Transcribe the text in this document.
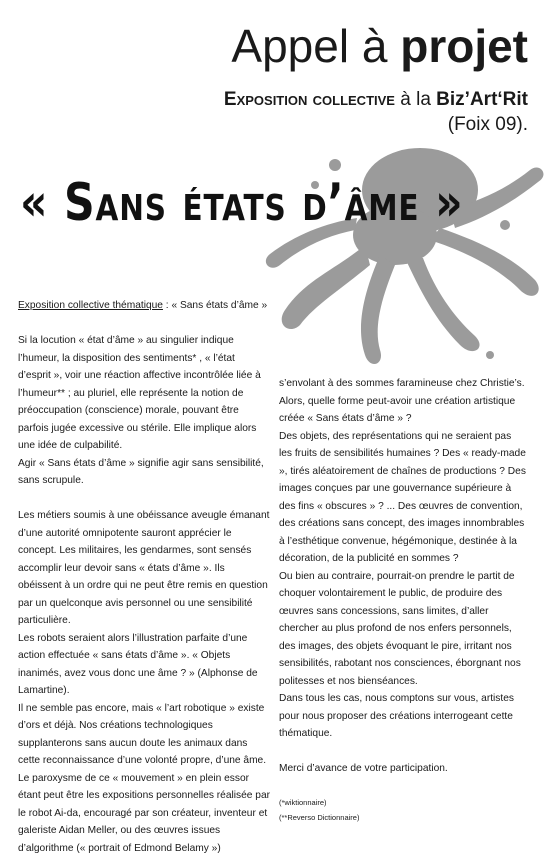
Appel à projet
Exposition collective à la Biz’Art‘Rit
(Foix 09).
« Sans états d’âme »

Exposition collective thématique : « Sans états d’âme »

Si la locution « état d’âme » au singulier indique l’humeur, la disposition des sentiments* , « l’état d’esprit », voir une réaction affective incontrôlée liée à l’humeur** ; au pluriel, elle représente la notion de préoccupation (conscience) morale, pouvant être parfois jugée excessive ou stérile. Elle implique alors une idée de culpabilité.

Agir « Sans états d’âme » signifie agir sans sensibilité, sans scrupule.

Les métiers soumis à une obéissance aveugle émanant d’une autorité omnipotente sauront apprécier le concept. Les militaires, les gendarmes, sont sensés accomplir leur devoir sans « états d’âme ». Ils obéissent à un ordre qui ne peut être remis en question par un quelconque avis personnel ou une sensibilité particulière.

Les robots seraient alors l’illustration parfaite d’une action effectuée « sans états d’âme ». « Objets inanimés, avez vous donc une âme ? » (Alphonse de Lamartine).

Il ne semble pas encore, mais « l’art robotique » existe d’ors et déjà. Nos créations technologiques supplanterons sans aucun doute les animaux dans cette reconnaissance d’une volonté propre, d’une âme.

Le paroxysme de ce « mouvement » en plein essor étant peut être les expositions personnelles réalisée par le robot Ai-da, encouragé par son créateur, inventeur et galeriste Aidan Meller, ou des œuvres issues d’algorithme (« portrait of Edmond Belamy »)

s’envolant à des sommes faramineuse chez Christie’s. Alors, quelle forme peut-avoir une création artistique créée « Sans états d’âme » ?

Des objets, des représentations qui ne seraient pas les fruits de sensibilités humaines ? Des « ready-made », tirés aléatoirement de chaînes de productions ? Des images conçues par une gouvernance supérieure à des fins « obscures » ? ... Des œuvres de convention, des créations sans concept, des images innombrables à l’esthétique convenue, hégémonique, destinée à la décoration, de la publicité en sommes ?

Ou bien au contraire, pourrait-on prendre le partit de choquer volontairement le public, de produire des œuvres sans concessions, sans limites, d’aller chercher au plus profond de nos enfers personnels, des images, des objets évoquant le pire, irritant nos sensibilités, rabotant nos consciences, éborgnant nos politesses et nos bienséances.

Dans tous les cas, nous comptons sur vous, artistes pour nous proposer des créations interrogeant cette thématique.

Merci d’avance de votre participation.

(*wiktionnaire)

(**Reverso Dictionnaire)
